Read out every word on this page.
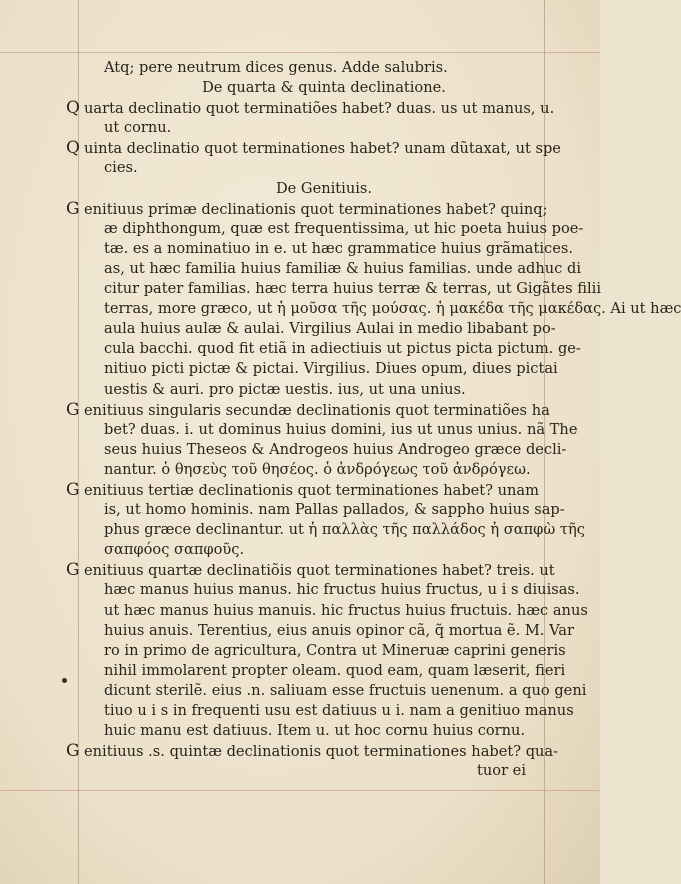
Atq; pere neutrum dices genus. Adde salubris.
De quarta & quinta declinatione.
Q uarta declinatio quot terminatiões habet? duas. us ut manus, u.
ut cornu.
Q uinta declinatio quot terminationes habet? unam dũtaxat, ut spe
cies.
De Genitiuis.
G enitiuus primæ declinationis quot terminationes habet? quinq;
æ diphthongum, quæ est frequentissima, ut hic poeta huius poe-
tæ. es a nominatiuo in e. ut hæc grammatice huius grãmatices.
as, ut hæc familia huius familiæ & huius familias. unde adhuc di
citur pater familias. hæc terra huius terræ & terras, ut Gigãtes filii
terras, more græco, ut ἡ μοῦσα τῆς μούσας. ἡ μακέδα τῆς μακέδας. Ai ut hæc
aula huius aulæ & aulai. Virgilius Aulai in medio libabant po-
cula bacchi. quod fit etiã in adiectiuis ut pictus picta pictum. ge-
nitiuo picti pictæ & pictai. Virgilius. Diues opum, diues pictai
uestis & auri. pro pictæ uestis. ius, ut una unius.
G enitiuus singularis secundæ declinationis quot terminatiões ha
bet? duas. i. ut dominus huius domini, ius ut unus unius. nã The
seus huius Theseos & Androgeos huius Androgeo græce decli-
nantur. ὁ θησεὺς τοῦ θησέος. ὁ ἀνδρόγεως τοῦ ἀνδρόγεω.
G enitiuus tertiæ declinationis quot terminationes habet? unam
is, ut homo hominis. nam Pallas pallados, & sappho huius sap-
phus græce declinantur. ut ἡ παλλὰς τῆς παλλάδος ἡ σαπφὼ τῆς
σαπφόος σαπφοῦς.
G enitiuus quartæ declinatiõis quot terminationes habet? treis. ut
hæc manus huius manus. hic fructus huius fructus, u i s diuisas.
ut hæc manus huius manuis. hic fructus huius fructuis. hæc anus
huius anuis. Terentius, eius anuis opinor cã, q̃ mortua ẽ. M. Var
ro in primo de agricultura, Contra ut Mineruæ caprini generis
nihil immolarent propter oleam. quod eam, quam læserit, fieri
dicunt sterilẽ. eius .n. saliuam esse fructuis uenenum. a quo geni
tiuo u i s in frequenti usu est datiuus u i. nam a genitiuo manus
huic manu est datiuus. Item u. ut hoc cornu huius cornu.
G enitiuus .s. quintæ declinationis quot terminationes habet? qua-
tuor ei
